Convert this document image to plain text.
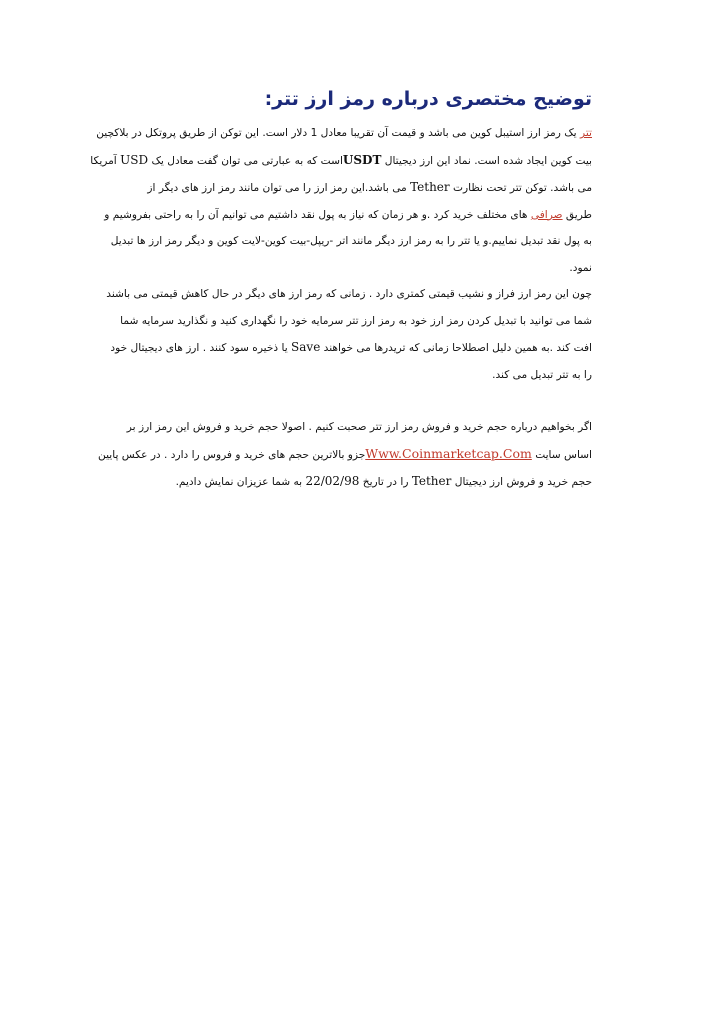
توضیح مختصری درباره رمز ارز تتر:
تتر یک رمز ارز استیبل کوین می باشد و قیمت آن تقریبا معادل 1 دلار است. این توکن از طریق پروتکل در بلاکچین
بیت کوین ایجاد شده است. نماد این ارز دیجیتال USDTاست که به عبارتی می توان گفت معادل یک USD آمریکا
می باشد. توکن تتر تحت نظارت Tether می باشد.این رمز ارز را می توان مانند رمز ارز های دیگر از
طریق صرافی های مختلف خرید کرد .و هر زمان که نیاز به پول نقد داشتیم می توانیم آن را به راحتی بفروشیم و
به پول نقد تبدیل نماییم.و یا تتر را به رمز ارز دیگر مانند اتر -ریپل-بیت کوین-لایت کوین و دیگر رمز ارز ها تبدیل
نمود.
چون این رمز ارز فراز و نشیب قیمتی کمتری دارد . زمانی که رمز ارز های دیگر در حال کاهش قیمتی می باشند
شما می توانید با تبدیل کردن رمز ارز خود به رمز ارز تتر سرمایه خود را نگهداری کنید و نگذارید سرمایه شما
افت کند .به همین دلیل اصطلاحا زمانی که تریدرها می خواهند Save یا ذخیره سود کنند . ارز های دیجیتال خود
را به تتر تبدیل می کند.
اگر بخواهیم درباره حجم خرید و فروش رمز ارز تتر صحبت کنیم . اصولا حجم خرید و فروش این رمز ارز بر
اساس سایت Www.Coinmarketcap.Comجزو بالاترین حجم های خرید و فروس را دارد . در عکس پایین
حجم خرید و فروش ارز دیجیتال Tether را در تاریخ 22/02/98 به شما عزیزان نمایش دادیم.
